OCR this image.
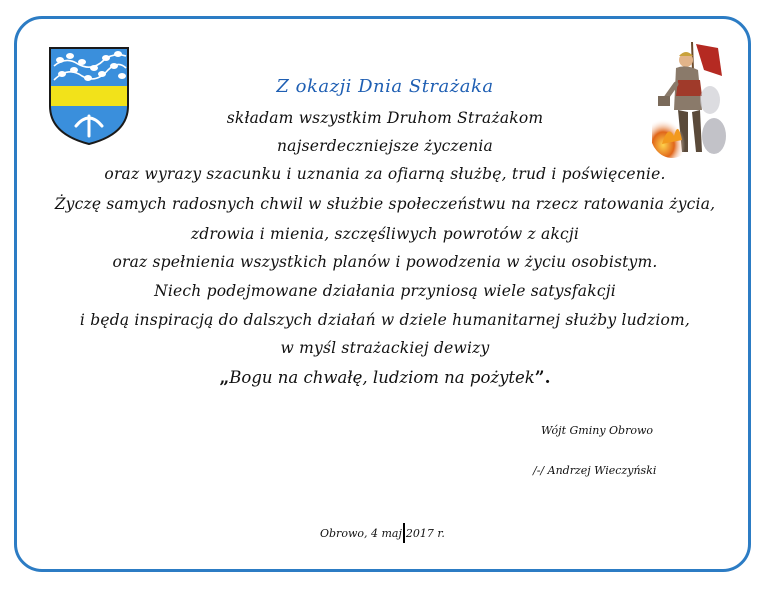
Z okazji Dnia Strażaka
składam wszystkim Druhom Strażakom
najserdeczniejsze życzenia
oraz wyrazy szacunku i uznania za ofiarną służbę, trud i poświęcenie.
Życzę samych radosnych chwil w służbie społeczeństwu na rzecz ratowania życia,
zdrowia i mienia, szczęśliwych powrotów z akcji
oraz spełnienia wszystkich planów i powodzenia w życiu osobistym.
Niech podejmowane działania przyniosą wiele satysfakcji
i będą inspiracją do dalszych działań w dziele humanitarnej służby ludziom,
w myśl strażackiej dewizy
„Bogu na chwałę, ludziom na pożytek”.
Wójt Gminy Obrowo
/-/ Andrzej Wieczyński
Obrowo, 4 maj 2017 r.
